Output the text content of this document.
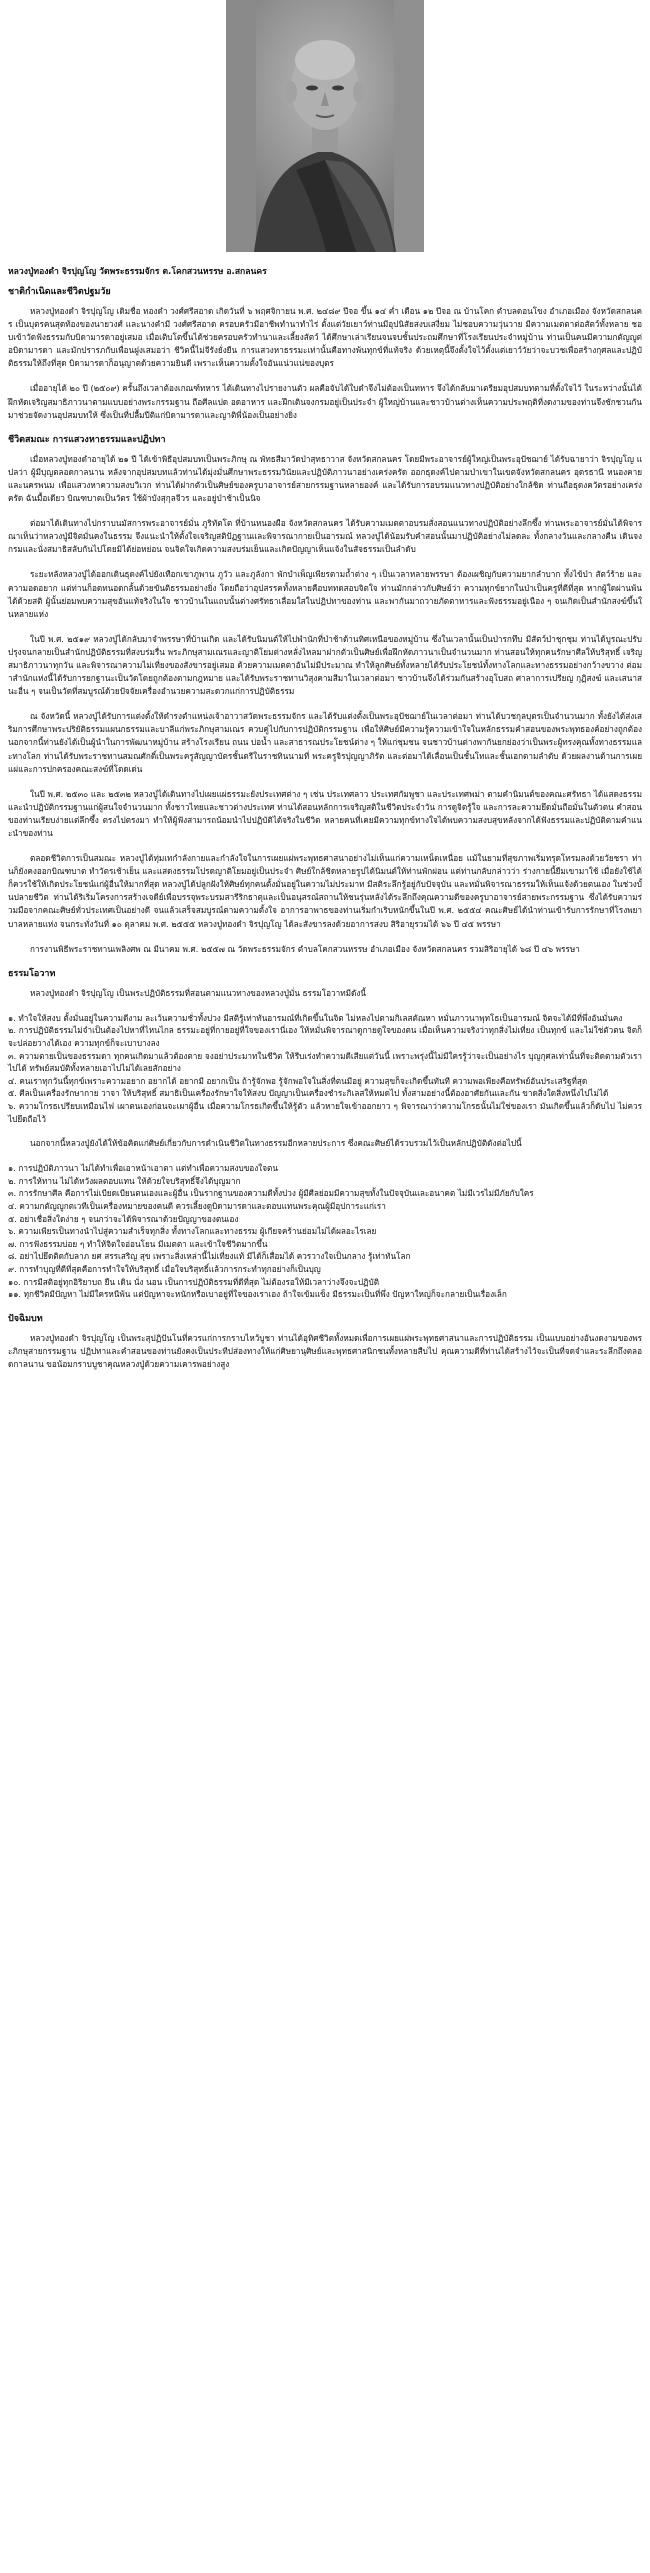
หลวงปู่ทองดำ จิรปุญโญ วัดพระธรรมจักร ต.โคกสวนหรรษ อ.สกลนคร
ชาติกำเนิดและชีวิตปฐมวัย

หลวงปู่ทองดำ จิรปุญโญ เดิมชื่อ ทองดำ วงศ์ศรีสอาด เกิดวันที่ ๖ พฤศจิกายน พ.ศ. ๒๔๘๙ ปีจอ ขึ้น ๑๔ ค่ำ เดือน ๑๒ ปีจอ ณ บ้านโคก ตำบลดอนโขง อำเภอเมือง จังหวัดสกลนคร เป็นบุตรคนสุดท้องของนายวงศ์ และนางคำมี วงศ์ศรีสอาด ครอบครัวมีอาชีพทำนาทำไร่ ตั้งแต่วัยเยาว์ท่านมีอุปนิสัยสงบเสงี่ยม ไม่ชอบความวุ่นวาย มีความเมตตาต่อสัตว์ทั้งหลาย ชอบเข้าวัดฟังธรรมกับบิดามารดาอยู่เสมอ เมื่อเติบโตขึ้นได้ช่วยครอบครัวทำนาและเลี้ยงสัตว์ ได้ศึกษาเล่าเรียนจนจบชั้นประถมศึกษาที่โรงเรียนประจำหมู่บ้าน ท่านเป็นคนมีความกตัญญูต่อบิดามารดา และมักปรารภกับเพื่อนฝูงเสมอว่า ชีวิตนี้ไม่จีรังยั่งยืน การแสวงหาธรรมะเท่านั้นคือทางพ้นทุกข์ที่แท้จริง ด้วยเหตุนี้จึงตั้งใจไว้ตั้งแต่เยาว์วัยว่าจะบวชเพื่อสร้างกุศลและปฏิบัติธรรมให้ถึงที่สุด บิดามารดาก็อนุญาตด้วยความยินดี เพราะเห็นความตั้งใจอันแน่วแน่ของบุตร

เมื่ออายุได้ ๒๐ ปี (๒๕๐๙) ครั้นถึงเวลาต้องเกณฑ์ทหาร ได้เดินทางไปรายงานตัว ผลคือจับได้ใบดำจึงไม่ต้องเป็นทหาร จึงได้กลับมาเตรียมอุปสมบทตามที่ตั้งใจไว้ ในระหว่างนั้นได้ฝึกหัดเจริญสมาธิภาวนาตามแบบอย่างพระกรรมฐาน ถือศีลแปด อดอาหาร และฝึกเดินจงกรมอยู่เป็นประจำ ผู้ใหญ่บ้านและชาวบ้านต่างเห็นความประพฤติที่งดงามของท่านจึงชักชวนกันมาช่วยจัดงานอุปสมบทให้ ซึ่งเป็นที่ปลื้มปีติแก่บิดามารดาและญาติพี่น้องเป็นอย่างยิ่ง

ชีวิตสมณะ การแสวงหาธรรมและปฏิปทา

เมื่อหลวงปู่ทองดำอายุได้ ๒๑ ปี ได้เข้าพิธีอุปสมบทเป็นพระภิกษุ ณ พัทธสีมาวัดป่าสุทธาวาส จังหวัดสกลนคร โดยมีพระอาจารย์ผู้ใหญ่เป็นพระอุปัชฌาย์ ได้รับฉายาว่า จิรปุญโญ แปลว่า ผู้มีบุญตลอดกาลนาน หลังจากอุปสมบทแล้วท่านได้มุ่งมั่นศึกษาพระธรรมวินัยและปฏิบัติภาวนาอย่างเคร่งครัด ออกธุดงค์ไปตามป่าเขาในเขตจังหวัดสกลนคร อุดรธานี หนองคาย และนครพนม เพื่อแสวงหาความสงบวิเวก ท่านได้ฝากตัวเป็นศิษย์ของครูบาอาจารย์สายกรรมฐานหลายองค์ และได้รับการอบรมแนวทางปฏิบัติอย่างใกล้ชิด ท่านถือธุดงควัตรอย่างเคร่งครัด ฉันมื้อเดียว บิณฑบาตเป็นวัตร ใช้ผ้าบังสุกุลจีวร และอยู่ป่าช้าเป็นนิจ

ต่อมาได้เดินทางไปกราบนมัสการพระอาจารย์มั่น ภูริทัตโต ที่บ้านหนองผือ จังหวัดสกลนคร ได้รับความเมตตาอบรมสั่งสอนแนวทางปฏิบัติอย่างลึกซึ้ง ท่านพระอาจารย์มั่นได้พิจารณาเห็นว่าหลวงปู่มีจิตมั่นคงในธรรม จึงแนะนำให้ตั้งใจเจริญสติปัฏฐานและพิจารณากายเป็นอารมณ์ หลวงปู่ได้น้อมรับคำสอนนั้นมาปฏิบัติอย่างไม่ลดละ ทั้งกลางวันและกลางคืน เดินจงกรมและนั่งสมาธิสลับกันไปโดยมิได้ย่อหย่อน จนจิตใจเกิดความสงบร่มเย็นและเกิดปัญญาเห็นแจ้งในสัจธรรมเป็นลำดับ

ระยะหลังหลวงปู่ได้ออกเดินธุดงค์ไปยังเทือกเขาภูพาน ภูวัว และภูลังกา พักบำเพ็ญเพียรตามถ้ำต่าง ๆ เป็นเวลาหลายพรรษา ต้องเผชิญกับความยากลำบาก ทั้งไข้ป่า สัตว์ร้าย และความอดอยาก แต่ท่านก็อดทนอดกลั้นด้วยขันติธรรมอย่างยิ่ง โดยถือว่าอุปสรรคทั้งหลายคือบททดสอบจิตใจ ท่านมักกล่าวกับศิษย์ว่า ความทุกข์ยากในป่าเป็นครูที่ดีที่สุด หากผู้ใดผ่านพ้นได้ด้วยสติ ผู้นั้นย่อมพบความสุขอันแท้จริงในใจ ชาวบ้านในแถบนั้นต่างศรัทธาเลื่อมใสในปฏิปทาของท่าน และพากันมาถวายภัตตาหารและฟังธรรมอยู่เนือง ๆ จนเกิดเป็นสำนักสงฆ์ขึ้นในหลายแห่ง

ในปี พ.ศ. ๒๕๑๙ หลวงปู่ได้กลับมาจำพรรษาที่บ้านเกิด และได้รับนิมนต์ให้ไปพำนักที่ป่าช้าด้านทิศเหนือของหมู่บ้าน ซึ่งในเวลานั้นเป็นป่ารกทึบ มีสัตว์ป่าชุกชุม ท่านได้บูรณะปรับปรุงจนกลายเป็นสำนักปฏิบัติธรรมที่สงบร่มรื่น พระภิกษุสามเณรและญาติโยมต่างหลั่งไหลมาฝากตัวเป็นศิษย์เพื่อฝึกหัดภาวนาเป็นจำนวนมาก ท่านสอนให้ทุกคนรักษาศีลให้บริสุทธิ์ เจริญสมาธิภาวนาทุกวัน และพิจารณาความไม่เที่ยงของสังขารอยู่เสมอ ด้วยความเมตตาอันไม่มีประมาณ ทำให้ลูกศิษย์ทั้งหลายได้รับประโยชน์ทั้งทางโลกและทางธรรมอย่างกว้างขวาง ต่อมาสำนักแห่งนี้ได้รับการยกฐานะเป็นวัดโดยถูกต้องตามกฎหมาย และได้รับพระราชทานวิสุงคามสีมาในเวลาต่อมา ชาวบ้านจึงได้ร่วมกันสร้างอุโบสถ ศาลาการเปรียญ กุฏิสงฆ์ และเสนาสนะอื่น ๆ จนเป็นวัดที่สมบูรณ์ด้วยปัจจัยเครื่องอำนวยความสะดวกแก่การปฏิบัติธรรม

ณ จังหวัดนี้ หลวงปู่ได้รับการแต่งตั้งให้ดำรงตำแหน่งเจ้าอาวาสวัดพระธรรมจักร และได้รับแต่งตั้งเป็นพระอุปัชฌาย์ในเวลาต่อมา ท่านได้บวชกุลบุตรเป็นจำนวนมาก ทั้งยังได้ส่งเสริมการศึกษาพระปริยัติธรรมแผนกธรรมและบาลีแก่พระภิกษุสามเณร ควบคู่ไปกับการปฏิบัติกรรมฐาน เพื่อให้ศิษย์มีความรู้ความเข้าใจในหลักธรรมคำสอนของพระพุทธองค์อย่างถูกต้อง นอกจากนี้ท่านยังได้เป็นผู้นำในการพัฒนาหมู่บ้าน สร้างโรงเรียน ถนน บ่อน้ำ และสาธารณประโยชน์ต่าง ๆ ให้แก่ชุมชน จนชาวบ้านต่างพากันยกย่องว่าเป็นพระผู้ทรงคุณทั้งทางธรรมและทางโลก ท่านได้รับพระราชทานสมณศักดิ์เป็นพระครูสัญญาบัตรชั้นตรีในราชทินนามที่ พระครูจิรปุญญาภิรัต และต่อมาได้เลื่อนเป็นชั้นโทและชั้นเอกตามลำดับ ด้วยผลงานด้านการเผยแผ่และการปกครองคณะสงฆ์ที่โดดเด่น

ในปี พ.ศ. ๒๕๓๐ และ ๒๕๓๒ หลวงปู่ได้เดินทางไปเผยแผ่ธรรมะยังประเทศต่าง ๆ เช่น ประเทศลาว ประเทศกัมพูชา และประเทศพม่า ตามคำนิมนต์ของคณะศรัทธา ได้แสดงธรรมและนำปฏิบัติกรรมฐานแก่ผู้สนใจจำนวนมาก ทั้งชาวไทยและชาวต่างประเทศ ท่านได้สอนหลักการเจริญสติในชีวิตประจำวัน การดูจิตรู้ใจ และการละความยึดมั่นถือมั่นในตัวตน คำสอนของท่านเรียบง่ายแต่ลึกซึ้ง ตรงไปตรงมา ทำให้ผู้ฟังสามารถน้อมนำไปปฏิบัติได้จริงในชีวิต หลายคนที่เคยมีความทุกข์ทางใจได้พบความสงบสุขหลังจากได้ฟังธรรมและปฏิบัติตามคำแนะนำของท่าน

ตลอดชีวิตการเป็นสมณะ หลวงปู่ได้ทุ่มเทกำลังกายและกำลังใจในการเผยแผ่พระพุทธศาสนาอย่างไม่เห็นแก่ความเหน็ดเหนื่อย แม้ในยามที่สุขภาพเริ่มทรุดโทรมลงด้วยวัยชรา ท่านก็ยังคงออกบิณฑบาต ทำวัตรเช้าเย็น และแสดงธรรมโปรดญาติโยมอยู่เป็นประจำ ศิษย์ใกล้ชิดหลายรูปได้นิมนต์ให้ท่านพักผ่อน แต่ท่านกลับกล่าวว่า ร่างกายนี้ยืมเขามาใช้ เมื่อยังใช้ได้ก็ควรใช้ให้เกิดประโยชน์แก่ผู้อื่นให้มากที่สุด หลวงปู่ได้ปลูกฝังให้ศิษย์ทุกคนตั้งมั่นอยู่ในความไม่ประมาท มีสติระลึกรู้อยู่กับปัจจุบัน และหมั่นพิจารณาธรรมให้เห็นแจ้งด้วยตนเอง ในช่วงบั้นปลายชีวิต ท่านได้ริเริ่มโครงการสร้างเจดีย์เพื่อบรรจุพระบรมสารีริกธาตุและเป็นอนุสรณ์สถานให้ชนรุ่นหลังได้ระลึกถึงคุณความดีของครูบาอาจารย์สายพระกรรมฐาน ซึ่งได้รับความร่วมมือจากคณะศิษย์ทั่วประเทศเป็นอย่างดี จนแล้วเสร็จสมบูรณ์ตามความตั้งใจ อาการอาพาธของท่านเริ่มกำเริบหนักขึ้นในปี พ.ศ. ๒๕๕๔ คณะศิษย์ได้นำท่านเข้ารับการรักษาที่โรงพยาบาลหลายแห่ง จนกระทั่งวันที่ ๑๐ ตุลาคม พ.ศ. ๒๕๕๕ หลวงปู่ทองดำ จิรปุญโญ ได้ละสังขารลงด้วยอาการสงบ สิริอายุรวมได้ ๖๖ ปี ๔๕ พรรษา

การงานพิธีพระราชทานเพลิงศพ ณ มีนาคม พ.ศ. ๒๕๕๗ ณ วัดพระธรรมจักร ตำบลโคกสวนหรรษ อำเภอเมือง จังหวัดสกลนคร รวมสิริอายุได้ ๖๘ ปี ๔๖ พรรษา

ธรรมโอวาท

หลวงปู่ทองดำ จิรปุญโญ เป็นพระปฏิบัติธรรมที่สอนตามแนวทางของหลวงปู่มั่น ธรรมโอวาทมีดังนี้

๑. ทำใจให้สงบ ตั้งมั่นอยู่ในความดีงาม ละเว้นความชั่วทั้งปวง มีสติรู้เท่าทันอารมณ์ที่เกิดขึ้นในจิต ไม่หลงไปตามกิเลสตัณหา หมั่นภาวนาพุทโธเป็นอารมณ์ จิตจะได้มีที่พึ่งอันมั่นคง
๒. การปฏิบัติธรรมไม่จำเป็นต้องไปหาที่ไหนไกล ธรรมะอยู่ที่กายอยู่ที่ใจของเรานี่เอง ให้หมั่นพิจารณาดูกายดูใจของตน เมื่อเห็นความจริงว่าทุกสิ่งไม่เที่ยง เป็นทุกข์ และไม่ใช่ตัวตน จิตก็จะปล่อยวางได้เอง ความทุกข์ก็จะเบาบางลง
๓. ความตายเป็นของธรรมดา ทุกคนเกิดมาแล้วต้องตาย จงอย่าประมาทในชีวิต ให้รีบเร่งทำความดีเสียแต่วันนี้ เพราะพรุ่งนี้ไม่มีใครรู้ว่าจะเป็นอย่างไร บุญกุศลเท่านั้นที่จะติดตามตัวเราไปได้ ทรัพย์สมบัติทั้งหลายเอาไปไม่ได้เลยสักอย่าง
๔. คนเราทุกวันนี้ทุกข์เพราะความอยาก อยากได้ อยากมี อยากเป็น ถ้ารู้จักพอ รู้จักพอใจในสิ่งที่ตนมีอยู่ ความสุขก็จะเกิดขึ้นทันที ความพอเพียงคือทรัพย์อันประเสริฐที่สุด
๕. ศีลเป็นเครื่องรักษากาย วาจา ให้บริสุทธิ์ สมาธิเป็นเครื่องรักษาใจให้สงบ ปัญญาเป็นเครื่องชำระกิเลสให้หมดไป ทั้งสามอย่างนี้ต้องอาศัยกันและกัน ขาดสิ่งใดสิ่งหนึ่งไปไม่ได้
๖. ความโกรธเปรียบเหมือนไฟ เผาตนเองก่อนจะเผาผู้อื่น เมื่อความโกรธเกิดขึ้นให้รู้ตัว แล้วหายใจเข้าออกยาว ๆ พิจารณาว่าความโกรธนั้นไม่ใช่ของเรา มันเกิดขึ้นแล้วก็ดับไป ไม่ควรไปยึดถือไว้

นอกจากนี้หลวงปู่ยังได้ให้ข้อคิดแก่ศิษย์เกี่ยวกับการดำเนินชีวิตในทางธรรมอีกหลายประการ ซึ่งคณะศิษย์ได้รวบรวมไว้เป็นหลักปฏิบัติดังต่อไปนี้

๑. การปฏิบัติภาวนา ไม่ได้ทำเพื่อเอาหน้าเอาตา แต่ทำเพื่อความสงบของใจตน
๒. การให้ทาน ไม่ได้หวังผลตอบแทน ให้ด้วยใจบริสุทธิ์จึงได้บุญมาก
๓. การรักษาศีล คือการไม่เบียดเบียนตนเองและผู้อื่น เป็นรากฐานของความดีทั้งปวง ผู้มีศีลย่อมมีความสุขทั้งในปัจจุบันและอนาคต ไม่มีเวรไม่มีภัยกับใคร
๔. ความกตัญญูกตเวทีเป็นเครื่องหมายของคนดี ควรเลี้ยงดูบิดามารดาและตอบแทนพระคุณผู้มีอุปการะแก่เรา
๕. อย่าเชื่อสิ่งใดง่าย ๆ จนกว่าจะได้พิจารณาด้วยปัญญาของตนเอง
๖. ความเพียรเป็นทางนำไปสู่ความสำเร็จทุกสิ่ง ทั้งทางโลกและทางธรรม ผู้เกียจคร้านย่อมไม่ได้ผลอะไรเลย
๗. การฟังธรรมบ่อย ๆ ทำให้จิตใจอ่อนโยน มีเมตตา และเข้าใจชีวิตมากขึ้น
๘. อย่าไปยึดติดกับลาภ ยศ สรรเสริญ สุข เพราะสิ่งเหล่านี้ไม่เที่ยงแท้ มีได้ก็เสื่อมได้ ควรวางใจเป็นกลาง รู้เท่าทันโลก
๙. การทำบุญที่ดีที่สุดคือการทำใจให้บริสุทธิ์ เมื่อใจบริสุทธิ์แล้วการกระทำทุกอย่างก็เป็นบุญ
๑๐. การมีสติอยู่ทุกอิริยาบถ ยืน เดิน นั่ง นอน เป็นการปฏิบัติธรรมที่ดีที่สุด ไม่ต้องรอให้มีเวลาว่างจึงจะปฏิบัติ
๑๑. ทุกชีวิตมีปัญหา ไม่มีใครหนีพ้น แต่ปัญหาจะหนักหรือเบาอยู่ที่ใจของเราเอง ถ้าใจเข้มแข็ง มีธรรมะเป็นที่พึ่ง ปัญหาใหญ่ก็จะกลายเป็นเรื่องเล็ก
ปัจฉิมบท

หลวงปู่ทองดำ จิรปุญโญ เป็นพระสุปฏิปันโนที่ควรแก่การกราบไหว้บูชา ท่านได้อุทิศชีวิตทั้งหมดเพื่อการเผยแผ่พระพุทธศาสนาและการปฏิบัติธรรม เป็นแบบอย่างอันงดงามของพระภิกษุสายกรรมฐาน ปฏิปทาและคำสอนของท่านยังคงเป็นประทีปส่องทางให้แก่ศิษยานุศิษย์และพุทธศาสนิกชนทั้งหลายสืบไป คุณความดีที่ท่านได้สร้างไว้จะเป็นที่จดจำและระลึกถึงตลอดกาลนาน ขอน้อมกราบบูชาคุณหลวงปู่ด้วยความเคารพอย่างสูง
